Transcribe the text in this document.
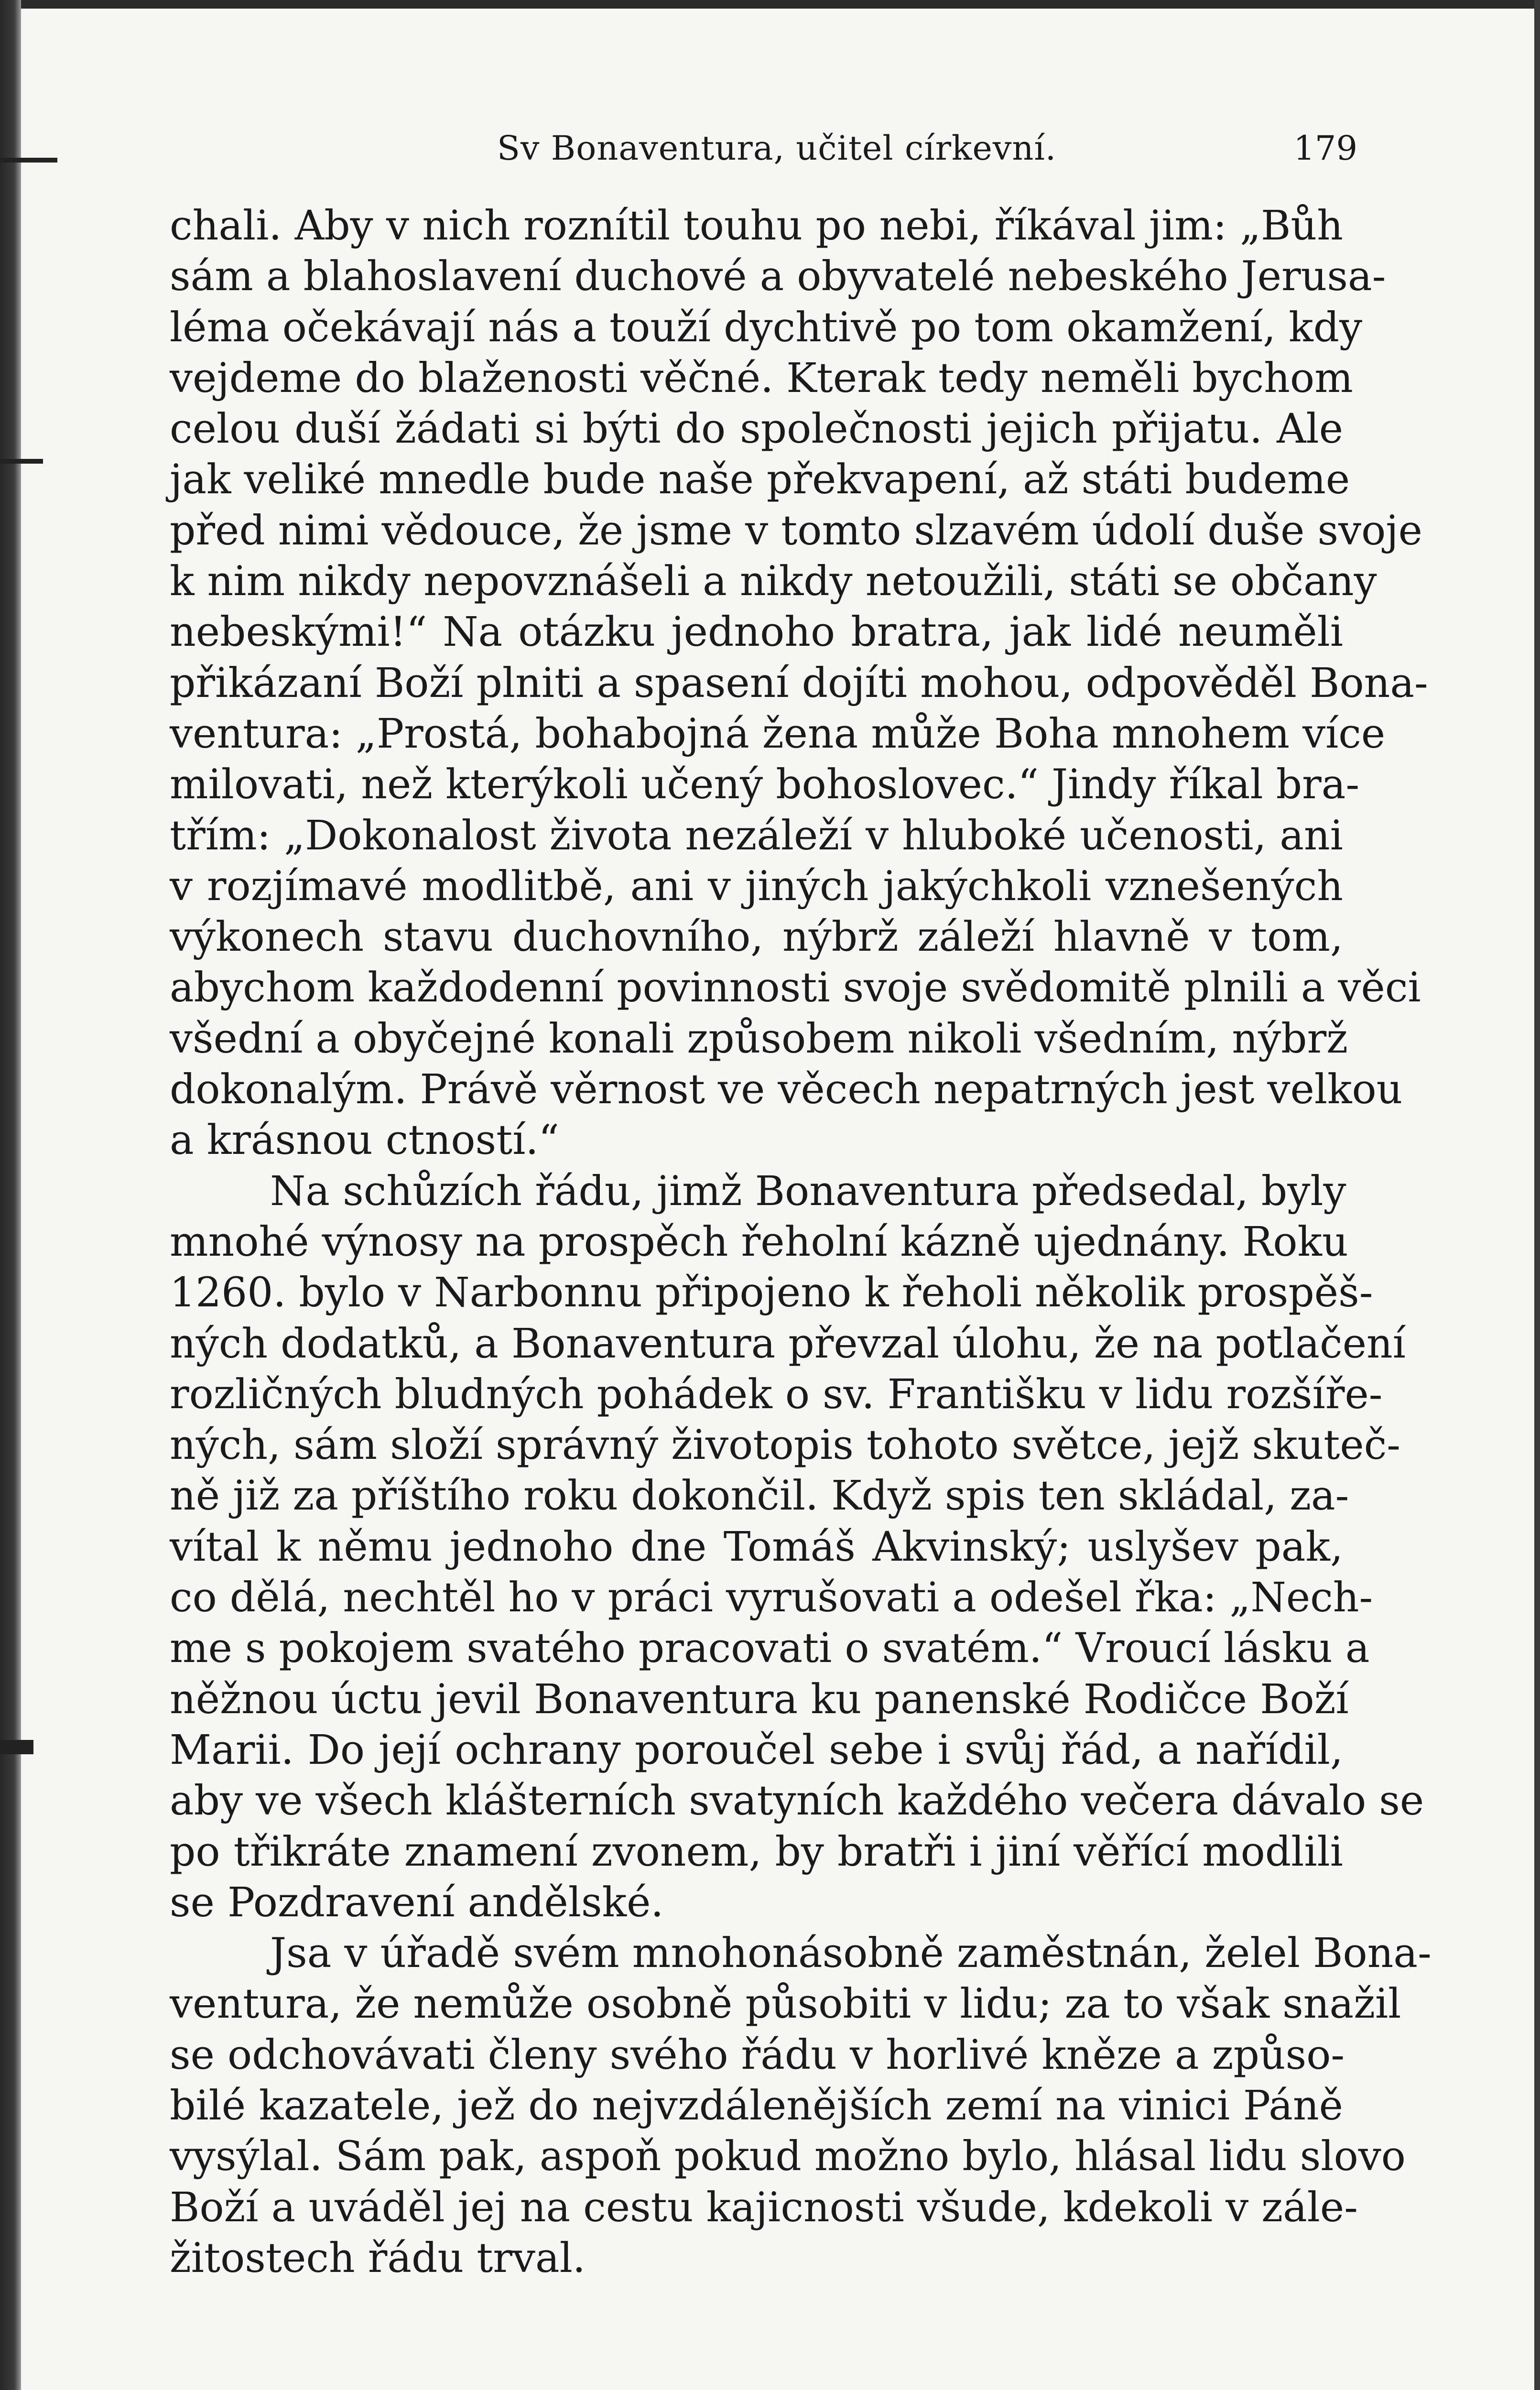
Sv Bonaventura, učitel církevní.	179
chali. Aby v nich roznítil touhu po nebi, říkával jim: „Bůh
sám a blahoslavení duchové a obyvatelé nebeského Jerusa-
léma očekávají nás a touží dychtivě po tom okamžení, kdy
vejdeme do blaženosti věčné. Kterak tedy neměli bychom
celou duší žádati si býti do společnosti jejich přijatu. Ale
jak veliké mnedle bude naše překvapení, až státi budeme
před nimi vědouce, že jsme v tomto slzavém údolí duše svoje
k nim nikdy nepovznášeli a nikdy netoužili, státi se občany
nebeskými!“ Na otázku jednoho bratra, jak lidé neuměli
přikázaní Boží plniti a spasení dojíti mohou, odpověděl Bona-
ventura: „Prostá, bohabojná žena může Boha mnohem více
milovati, než kterýkoli učený bohoslovec.“ Jindy říkal bra-
třím: „Dokonalost života nezáleží v hluboké učenosti, ani
v rozjímavé modlitbě, ani v jiných jakýchkoli vznešených
výkonech stavu duchovního, nýbrž záleží hlavně v tom,
abychom každodenní povinnosti svoje svědomitě plnili a věci
všední a obyčejné konali způsobem nikoli všedním, nýbrž
dokonalým. Právě věrnost ve věcech nepatrných jest velkou
a krásnou ctností.“
Na schůzích řádu, jimž Bonaventura předsedal, byly
mnohé výnosy na prospěch řeholní kázně ujednány. Roku
1260. bylo v Narbonnu připojeno k řeholi několik prospěš-
ných dodatků, a Bonaventura převzal úlohu, že na potlačení
rozličných bludných pohádek o sv. Františku v lidu rozšíře-
ných, sám složí správný životopis tohoto světce, jejž skuteč-
ně již za příštího roku dokončil. Když spis ten skládal, za-
vítal k němu jednoho dne Tomáš Akvinský; uslyšev pak,
co dělá, nechtěl ho v práci vyrušovati a odešel řka: „Nech-
me s pokojem svatého pracovati o svatém.“ Vroucí lásku a
něžnou úctu jevil Bonaventura ku panenské Rodičce Boží
Marii. Do její ochrany poroučel sebe i svůj řád, a nařídil,
aby ve všech klášterních svatyních každého večera dávalo se
po třikráte znamení zvonem, by bratři i jiní věřící modlili
se Pozdravení andělské.
Jsa v úřadě svém mnohonásobně zaměstnán, želel Bona-
ventura, že nemůže osobně působiti v lidu; za to však snažil
se odchovávati členy svého řádu v horlivé kněze a způso-
bilé kazatele, jež do nejvzdálenějších zemí na vinici Páně
vysýlal. Sám pak, aspoň pokud možno bylo, hlásal lidu slovo
Boží a uváděl jej na cestu kajicnosti všude, kdekoli v zále-
žitostech řádu trval.
